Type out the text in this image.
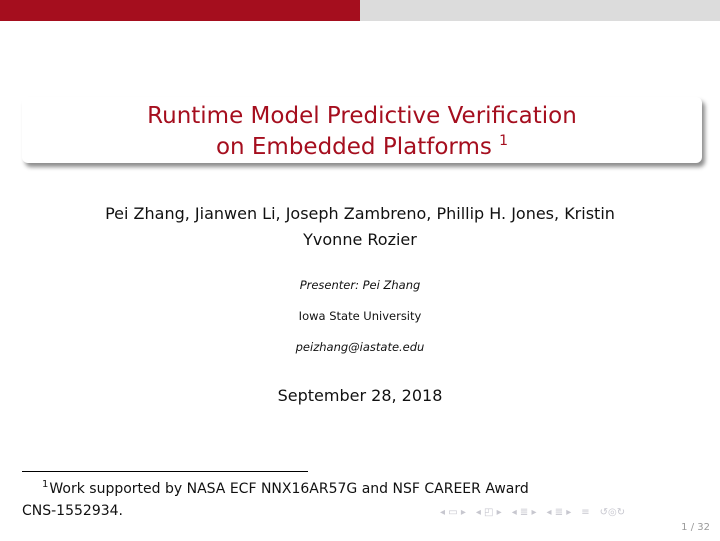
Runtime Model Predictive Verification
on Embedded Platforms $^1$
Pei Zhang, Jianwen Li, Joseph Zambreno, Phillip H. Jones, Kristin
Yvonne Rozier
Presenter: Pei Zhang
Iowa State University
peizhang@iastate.edu
September 28, 2018
$^1$Work supported by NASA ECF NNX16AR57G and NSF CAREER Award
CNS-1552934.	◂ ▭ ▸ ◂ ◰ ▸ ◂ ≣ ▸ ◂ ≣ ▸ ≡ ↺◎↻
1 / 32
